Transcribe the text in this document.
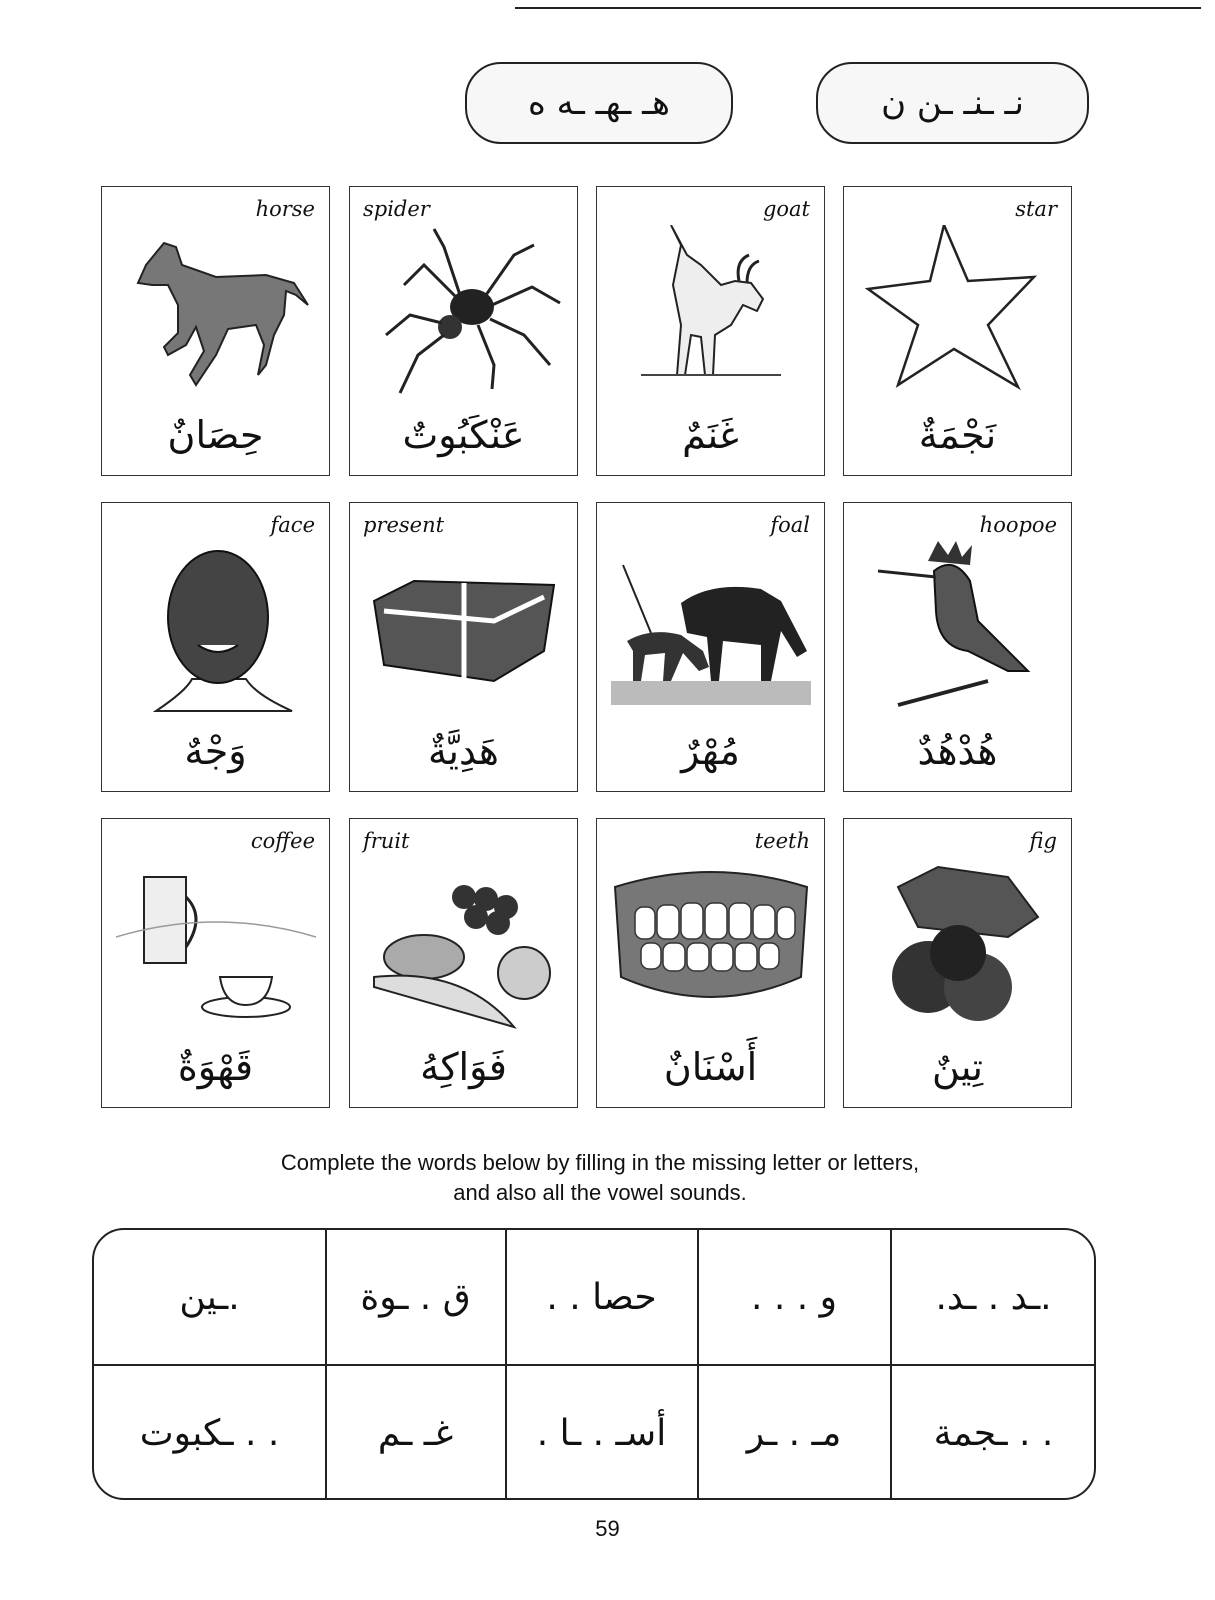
هـ ـهـ ـه ه	نـ ـنـ ـن ن
horse
حِصَانٌ
spider
عَنْكَبُوتٌ
goat
غَنَمٌ
star
نَجْمَةٌ
face
وَجْهٌ
present
هَدِيَّةٌ
foal
مُهْرٌ
hoopoe
هُدْهُدٌ
coffee
قَهْوَةٌ
fruit
فَوَاكِهُ
teeth
أَسْنَانٌ
fig
تِينٌ
Complete the words below by filling in the missing letter or letters,
and also all the vowel sounds.
.ـد . ـد.
و . . .
حصا . .
ق . ـوة
.ـين
. . ـجمة
مـ . ـر
أسـ . ـا .
غـ ـم
. . ـكبوت
59
